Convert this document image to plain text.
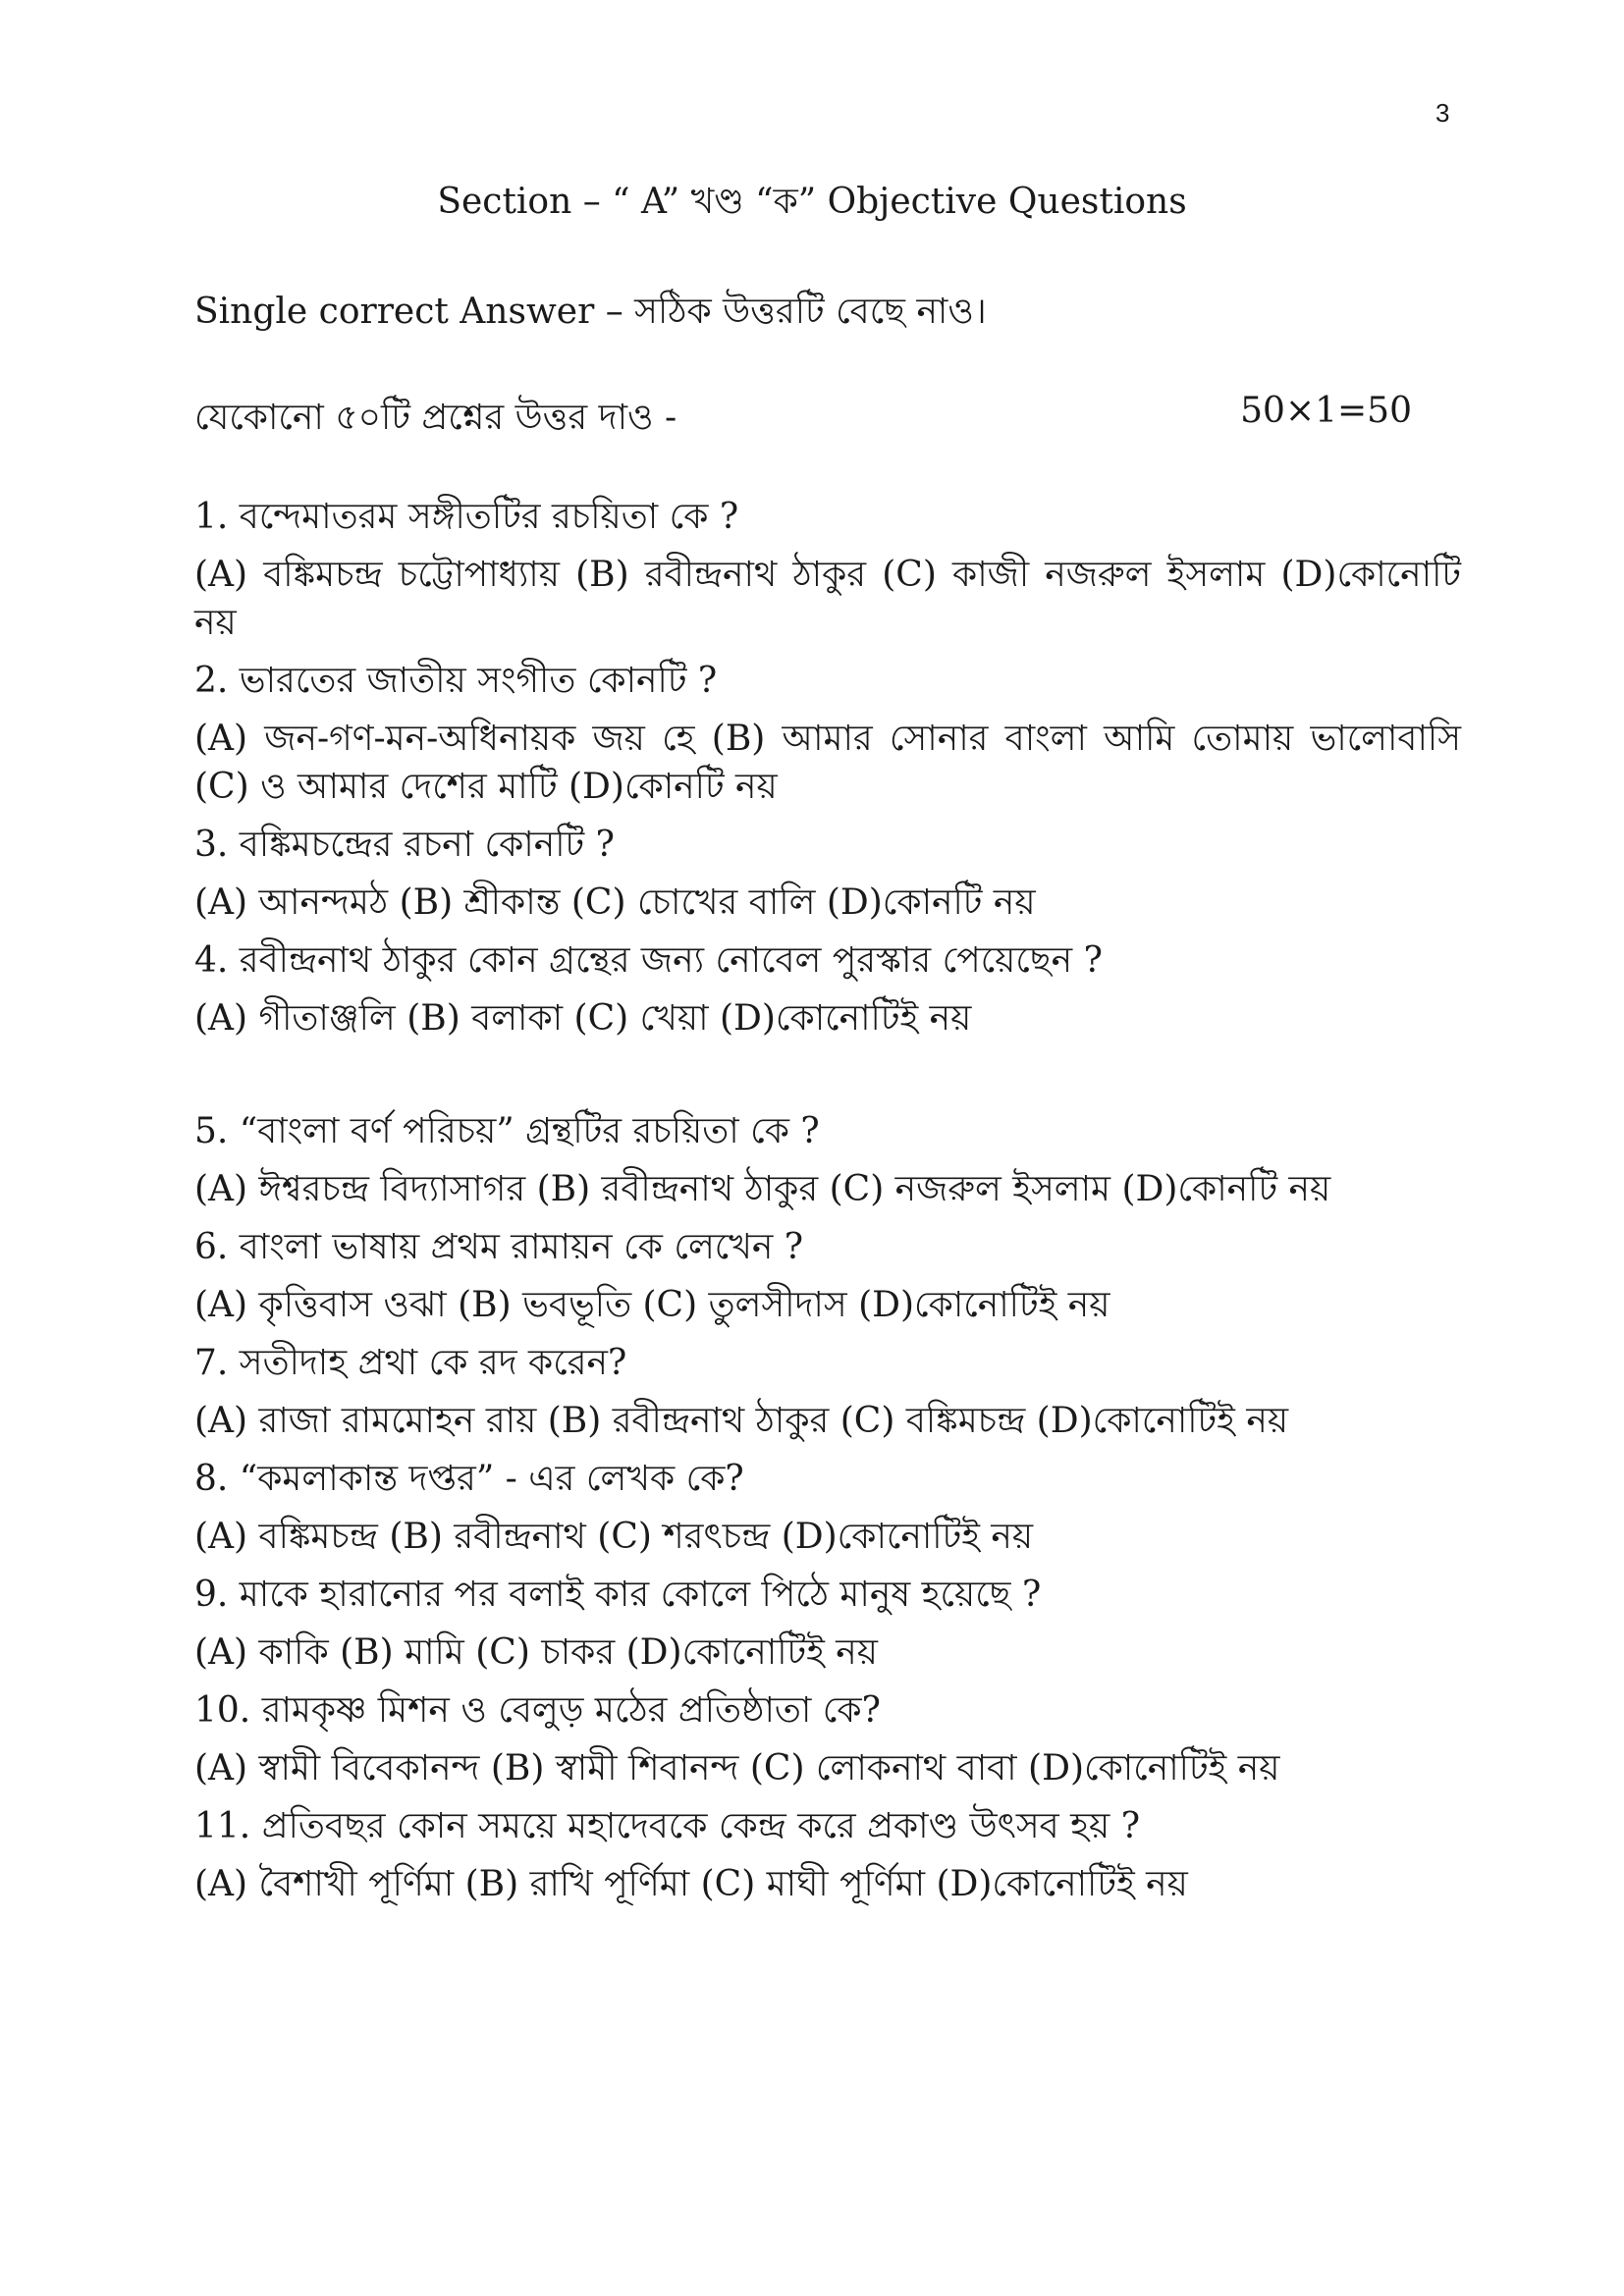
3
Section – “ A” খণ্ড “ক” Objective Questions
Single correct Answer – সঠিক উত্তরটি বেছে নাও।
যেকোনো ৫০টি প্রশ্নের উত্তর দাও -	50×1=50

1. বন্দেমাতরম সঙ্গীতটির রচয়িতা কে ?

(A) বঙ্কিমচন্দ্র চট্টোপাধ্যায় (B) রবীন্দ্রনাথ ঠাকুর (C) কাজী নজরুল ইসলাম (D)কোনোটি নয়

2. ভারতের জাতীয় সংগীত কোনটি ?

(A) জন-গণ-মন-অধিনায়ক জয় হে (B) আমার সোনার বাংলা আমি তোমায় ভালোবাসি (C) ও আমার দেশের মাটি (D)কোনটি নয়

3. বঙ্কিমচন্দ্রের রচনা কোনটি ?

(A) আনন্দমঠ (B) শ্রীকান্ত (C) চোখের বালি (D)কোনটি নয়

4. রবীন্দ্রনাথ ঠাকুর কোন গ্রন্থের জন্য নোবেল পুরস্কার পেয়েছেন ?

(A) গীতাঞ্জলি (B) বলাকা (C) খেয়া (D)কোনোটিই নয়

5. “বাংলা বর্ণ পরিচয়” গ্রন্থটির রচয়িতা কে ?

(A) ঈশ্বরচন্দ্র বিদ্যাসাগর (B) রবীন্দ্রনাথ ঠাকুর (C) নজরুল ইসলাম (D)কোনটি নয়

6. বাংলা ভাষায় প্রথম রামায়ন কে লেখেন ?

(A) কৃত্তিবাস ওঝা (B) ভবভূতি (C) তুলসীদাস (D)কোনোটিই নয়

7. সতীদাহ প্রথা কে রদ করেন?

(A) রাজা রামমোহন রায় (B) রবীন্দ্রনাথ ঠাকুর (C) বঙ্কিমচন্দ্র (D)কোনোটিই নয়

8. “কমলাকান্ত দপ্তর” - এর লেখক কে?

(A) বঙ্কিমচন্দ্র (B) রবীন্দ্রনাথ (C) শরৎচন্দ্র (D)কোনোটিই নয়

9. মাকে হারানোর পর বলাই কার কোলে পিঠে মানুষ হয়েছে ?

(A) কাকি (B) মামি (C) চাকর (D)কোনোটিই নয়

10. রামকৃষ্ণ মিশন ও বেলুড় মঠের প্রতিষ্ঠাতা কে?

(A) স্বামী বিবেকানন্দ (B) স্বামী শিবানন্দ (C) লোকনাথ বাবা (D)কোনোটিই নয়

11. প্রতিবছর কোন সময়ে মহাদেবকে কেন্দ্র করে প্রকাণ্ড উৎসব হয় ?

(A) বৈশাখী পূর্ণিমা (B) রাখি পূর্ণিমা (C) মাঘী পূর্ণিমা (D)কোনোটিই নয়
